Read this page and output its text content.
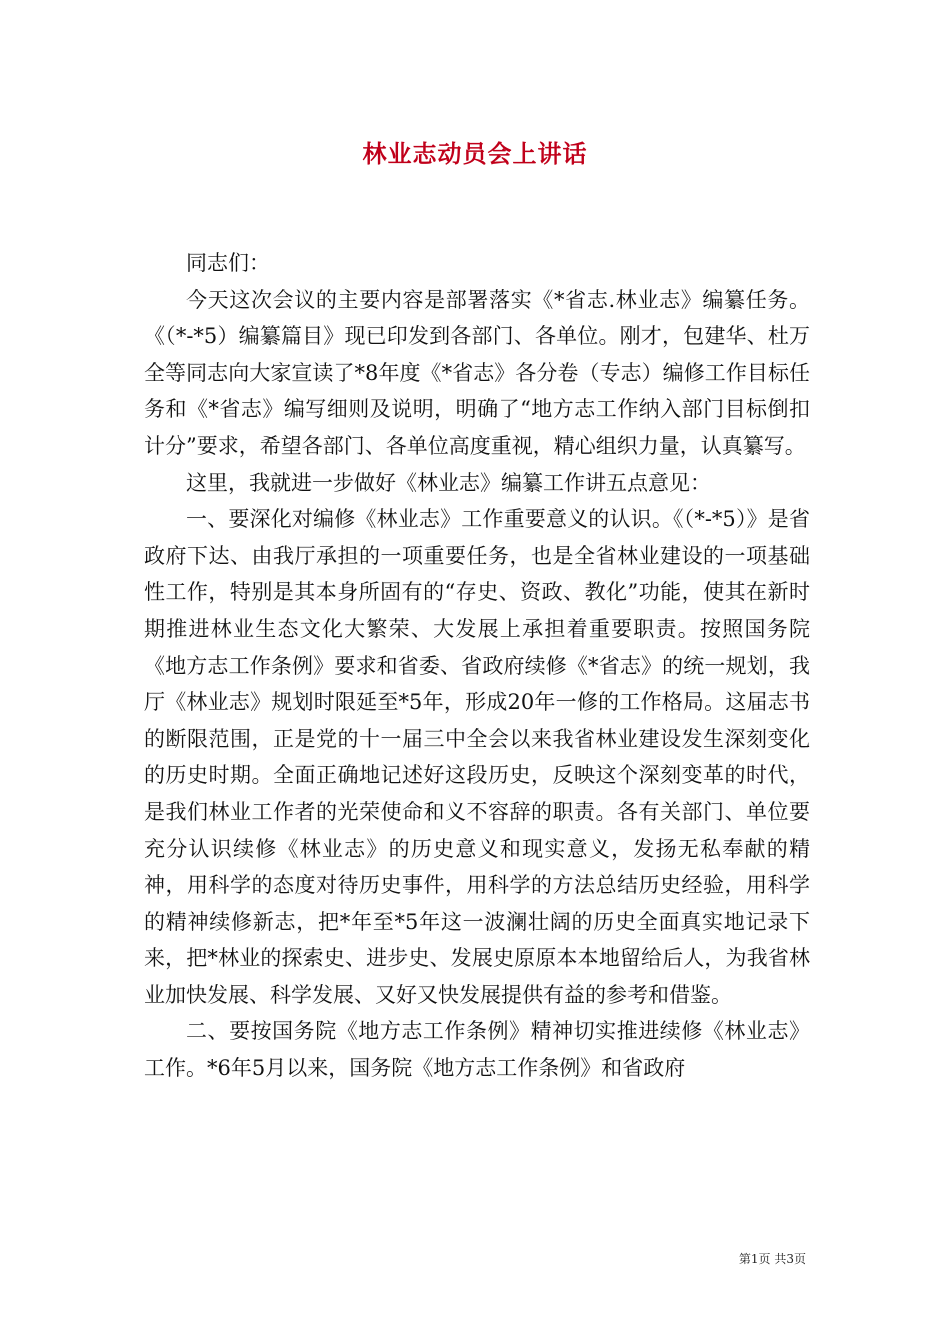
林业志动员会上讲话

同志们：

今天这次会议的主要内容是部署落实《*省志.林业志》编纂任务。《（*-*5）编纂篇目》现已印发到各部门、各单位。刚才，包建华、杜万全等同志向大家宣读了*8年度《*省志》各分卷（专志）编修工作目标任务和《*省志》编写细则及说明，明确了“地方志工作纳入部门目标倒扣计分”要求，希望各部门、各单位高度重视，精心组织力量，认真纂写。

这里，我就进一步做好《林业志》编纂工作讲五点意见：

一、要深化对编修《林业志》工作重要意义的认识。《（*-*5）》是省政府下达、由我厅承担的一项重要任务，也是全省林业建设的一项基础性工作，特别是其本身所固有的“存史、资政、教化”功能，使其在新时期推进林业生态文化大繁荣、大发展上承担着重要职责。按照国务院《地方志工作条例》要求和省委、省政府续修《*省志》的统一规划，我厅《林业志》规划时限延至*5年，形成20年一修的工作格局。这届志书的断限范围，正是党的十一届三中全会以来我省林业建设发生深刻变化的历史时期。全面正确地记述好这段历史，反映这个深刻变革的时代，是我们林业工作者的光荣使命和义不容辞的职责。各有关部门、单位要充分认识续修《林业志》的历史意义和现实意义，发扬无私奉献的精神，用科学的态度对待历史事件，用科学的方法总结历史经验，用科学的精神续修新志，把*年至*5年这一波澜壮阔的历史全面真实地记录下来，把*林业的探索史、进步史、发展史原原本本地留给后人，为我省林业加快发展、科学发展、又好又快发展提供有益的参考和借鉴。

二、要按国务院《地方志工作条例》精神切实推进续修《林业志》工作。*6年5月以来，国务院《地方志工作条例》和省政府

第1页 共3页
